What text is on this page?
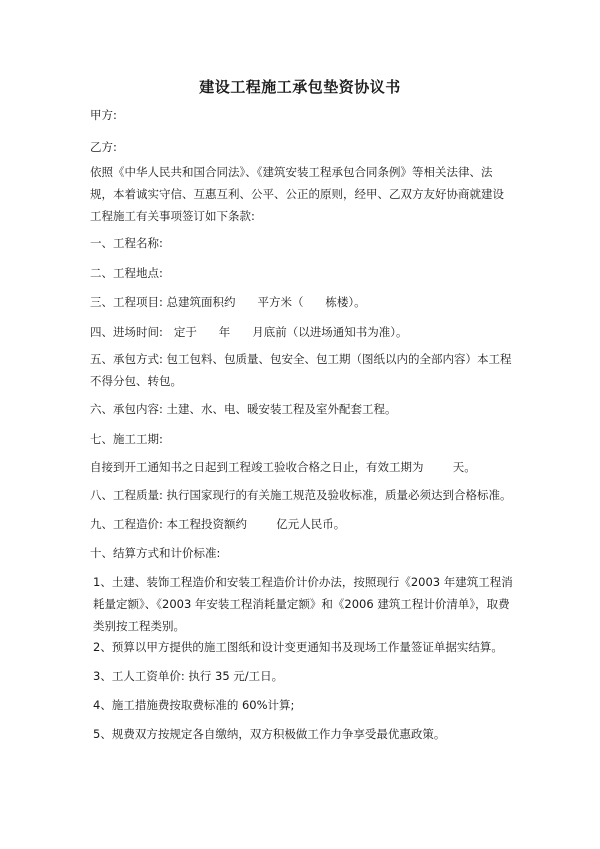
建设工程施工承包垫资协议书

甲方:

乙方:

依照《中华人民共和国合同法》、《建筑安装工程承包合同条例》等相关法律、法规，本着诚实守信、互惠互利、公平、公正的原则，经甲、乙双方友好协商就建设工程施工有关事项签订如下条款:

一、工程名称:

二、工程地点:

三、工程项目: 总建筑面积约      平方米（      栋楼）。

四、进场时间:   定于      年      月底前（以进场通知书为准）。

五、承包方式: 包工包料、包质量、包安全、包工期（图纸以内的全部内容）本工程不得分包、转包。

六、承包内容: 土建、水、电、暖安装工程及室外配套工程。

七、施工工期:

自接到开工通知书之日起到工程竣工验收合格之日止，有效工期为        天。

八、工程质量: 执行国家现行的有关施工规范及验收标准，质量必须达到合格标准。

九、工程造价: 本工程投资额约        亿元人民币。

十、结算方式和计价标准:

1、土建、装饰工程造价和安装工程造价计价办法，按照现行《2003 年建筑工程消耗量定额》、《2003 年安装工程消耗量定额》和《2006 建筑工程计价清单》，取费类别按工程类别。

2、预算以甲方提供的施工图纸和设计变更通知书及现场工作量签证单据实结算。

3、工人工资单价: 执行 35 元/工日。

4、施工措施费按取费标准的 60%计算;

5、规费双方按规定各自缴纳，双方积极做工作力争享受最优惠政策。
